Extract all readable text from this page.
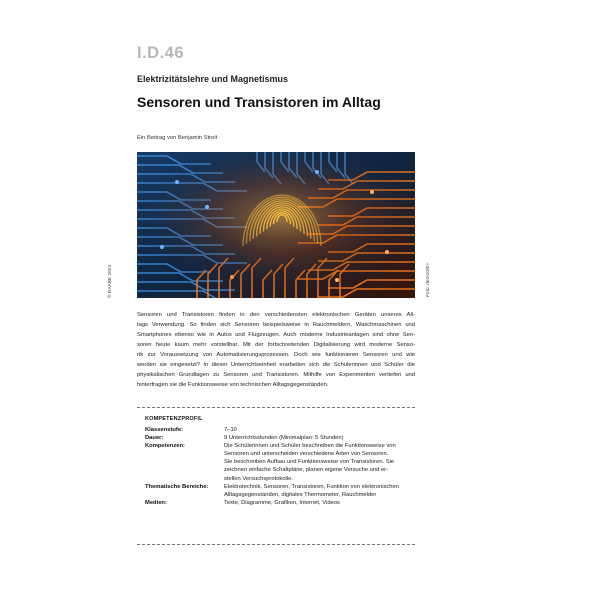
I.D.46
Elektrizitätslehre und Magnetismus
Sensoren und Transistoren im Alltag
Ein Beitrag von Benjamin Streit
© RAABE 2023	Foto: dem10/E+
Sensoren und Transistoren finden in den verschiedensten elektronischen Geräten unseres All-
tags Verwendung. So finden sich Sensoren beispielsweise in Rauchmeldern, Waschmaschinen und
Smartphones ebenso wie in Autos und Flugzeugen. Auch moderne Industrieanlagen sind ohne Sen-
soren heute kaum mehr vorstellbar. Mit der fortschreitenden Digitalisierung wird moderne Senso-
rik zur Voraussetzung von Automatisierungsprozessen. Doch wie funktionieren Sensoren und wie
werden sie eingesetzt? In dieser Unterrichtseinheit erarbeiten sich die Schülerinnen und Schüler die
physikalischen Grundlagen zu Sensoren und Transistoren. Mithilfe von Experimenten vertiefen und
hinterfragen sie die Funktionsweise von technischen Alltagsgegenständen.
KOMPETENZPROFIL
Klassenstufe:	7–10
Dauer:	9 Unterrichtsstunden (Minimalplan: 5 Stunden)
Kompetenzen:	Die Schülerinnen und Schüler beschreiben die Funktionsweise von
Sensoren und unterscheiden verschiedene Arten von Sensoren.
Sie beschreiben Aufbau und Funktionsweise von Transistoren. Sie
zeichnen einfache Schaltpläne, planen eigene Versuche und er-
stellen Versuchsprotokolle.
Thematische Bereiche:	Elektrotechnik, Sensoren, Transistoren, Funktion von elektronischen
Alltagsgegenständen, digitales Thermometer, Rauchmelder
Medien:	Texte, Diagramme, Grafiken, Internet, Videos
